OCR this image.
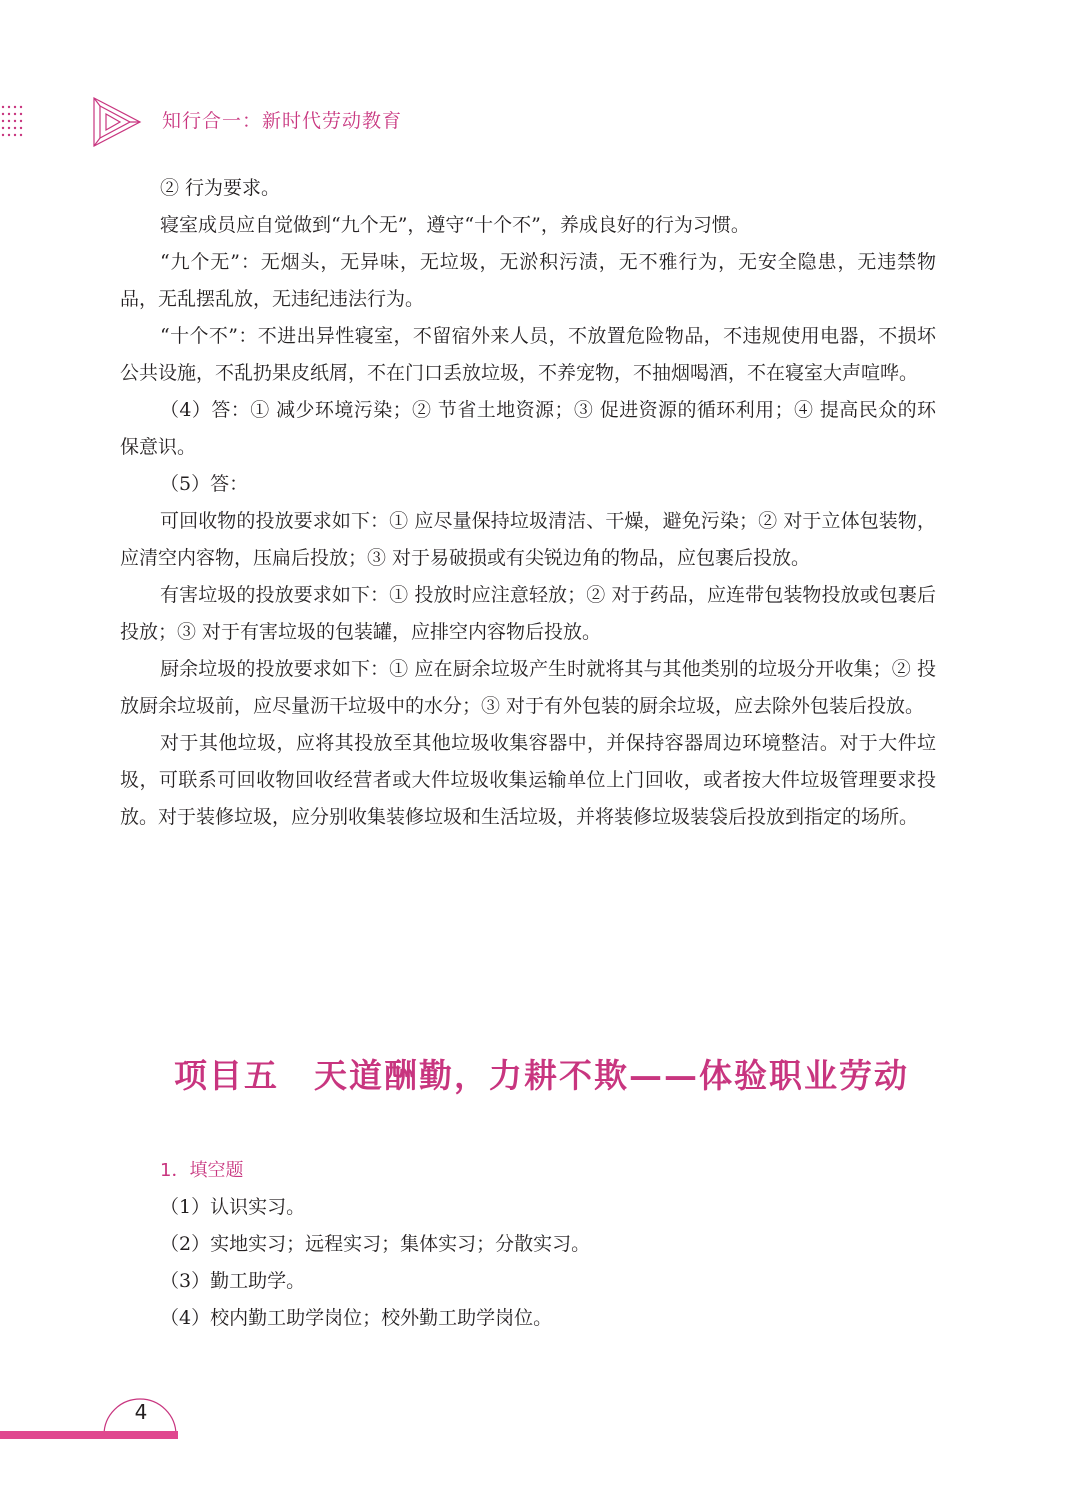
知行合一：新时代劳动教育

② 行为要求。

寝室成员应自觉做到“九个无”，遵守“十个不”，养成良好的行为习惯。

“九个无”：无烟头，无异味，无垃圾，无淤积污渍，无不雅行为，无安全隐患，无违禁物品，无乱摆乱放，无违纪违法行为。

“十个不”：不进出异性寝室，不留宿外来人员，不放置危险物品，不违规使用电器，不损坏公共设施，不乱扔果皮纸屑，不在门口丢放垃圾，不养宠物，不抽烟喝酒，不在寝室大声喧哗。

（4）答：① 减少环境污染；② 节省土地资源；③ 促进资源的循环利用；④ 提高民众的环保意识。

（5）答：

可回收物的投放要求如下：① 应尽量保持垃圾清洁、干燥，避免污染；② 对于立体包装物，应清空内容物，压扁后投放；③ 对于易破损或有尖锐边角的物品，应包裹后投放。

有害垃圾的投放要求如下：① 投放时应注意轻放；② 对于药品，应连带包装物投放或包裹后投放；③ 对于有害垃圾的包装罐，应排空内容物后投放。

厨余垃圾的投放要求如下：① 应在厨余垃圾产生时就将其与其他类别的垃圾分开收集；② 投放厨余垃圾前，应尽量沥干垃圾中的水分；③ 对于有外包装的厨余垃圾，应去除外包装后投放。

对于其他垃圾，应将其投放至其他垃圾收集容器中，并保持容器周边环境整洁。对于大件垃圾，可联系可回收物回收经营者或大件垃圾收集运输单位上门回收，或者按大件垃圾管理要求投放。对于装修垃圾，应分别收集装修垃圾和生活垃圾，并将装修垃圾装袋后投放到指定的场所。

项目五　天道酬勤，力耕不欺——体验职业劳动

1．填空题

（1）认识实习。

（2）实地实习；远程实习；集体实习；分散实习。

（3）勤工助学。

（4）校内勤工助学岗位；校外勤工助学岗位。

4
